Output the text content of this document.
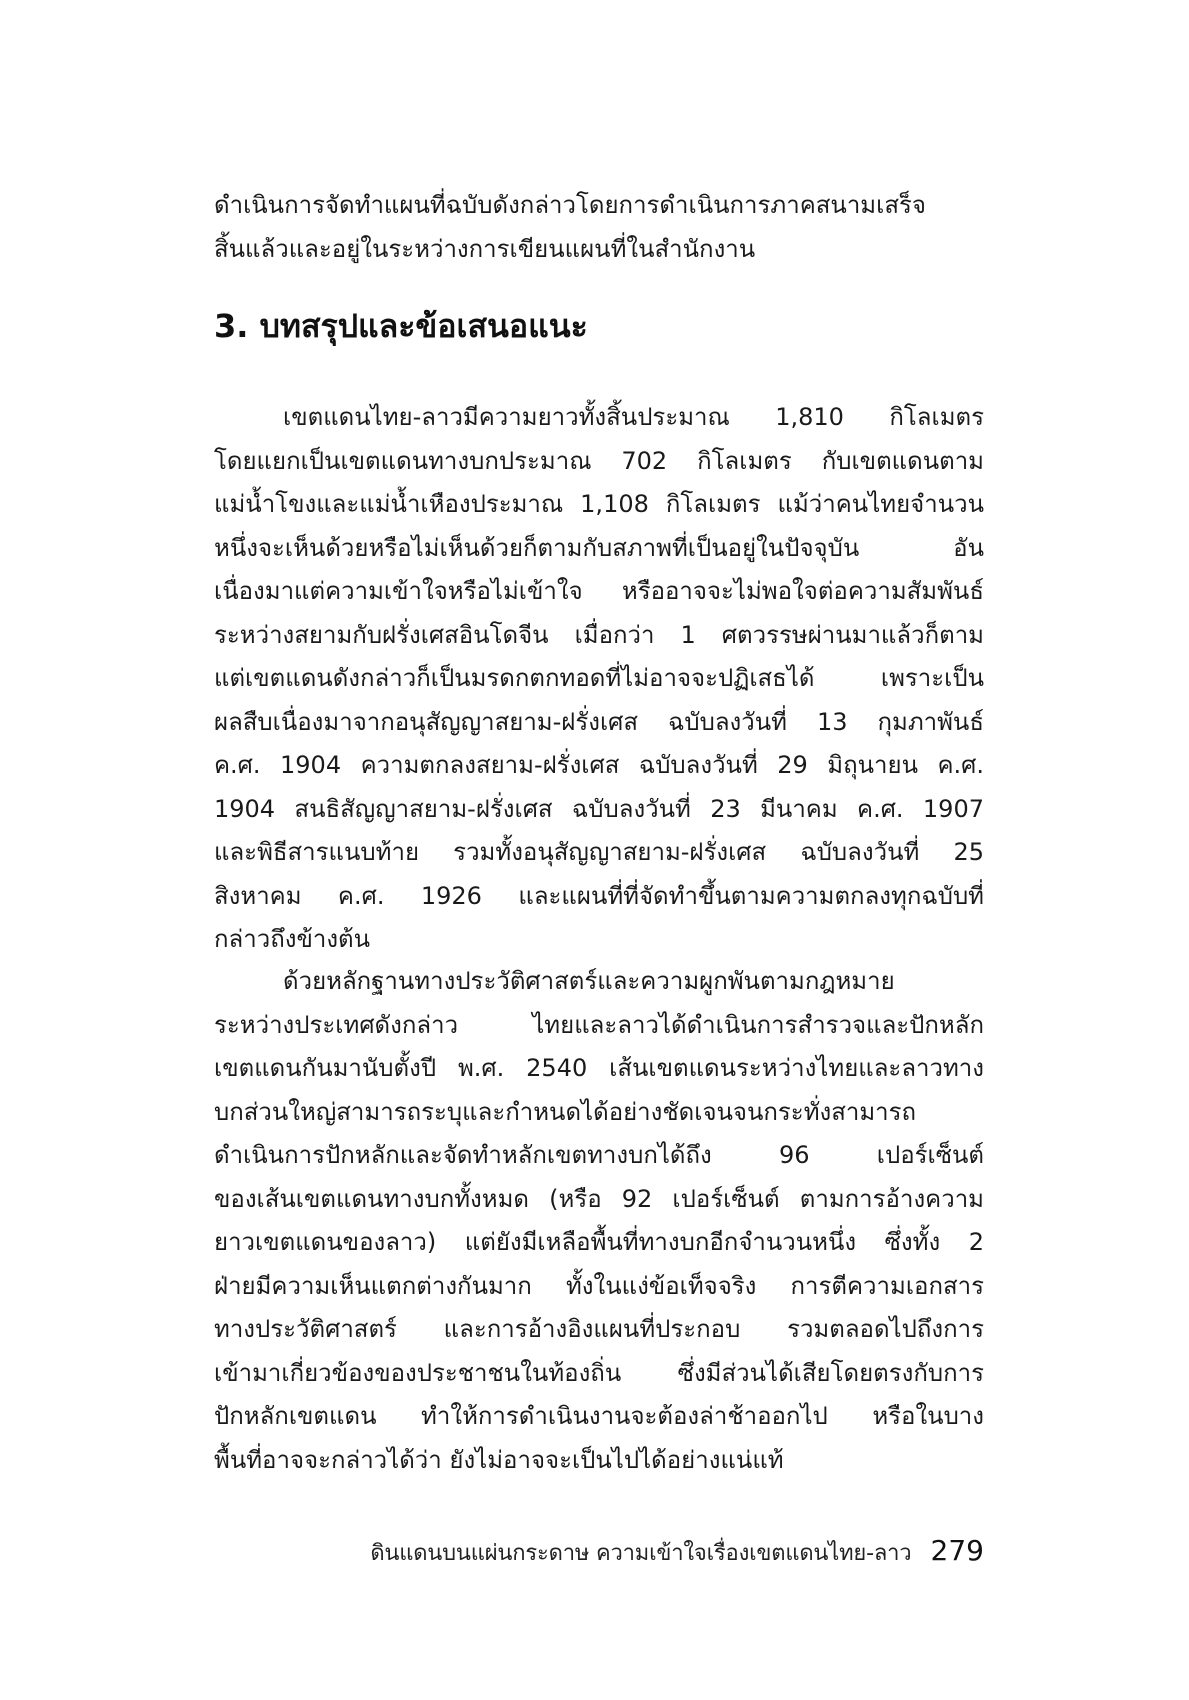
ดำเนินการจัดทำแผนที่ฉบับดังกล่าวโดยการดำเนินการภาคสนามเสร็จ
สิ้นแล้วและอยู่ในระหว่างการเขียนแผนที่ในสำนักงาน
3. บทสรุปและข้อเสนอแนะ
เขตแดนไทย-ลาวมีความยาวทั้งสิ้นประมาณ 1,810 กิโลเมตร
โดยแยกเป็นเขตแดนทางบกประมาณ 702 กิโลเมตร กับเขตแดนตาม
แม่น้ำโขงและแม่น้ำเหืองประมาณ 1,108 กิโลเมตร แม้ว่าคนไทยจำนวน
หนึ่งจะเห็นด้วยหรือไม่เห็นด้วยก็ตามกับสภาพที่เป็นอยู่ในปัจจุบัน อัน
เนื่องมาแต่ความเข้าใจหรือไม่เข้าใจ หรืออาจจะไม่พอใจต่อความสัมพันธ์
ระหว่างสยามกับฝรั่งเศสอินโดจีน เมื่อกว่า 1 ศตวรรษผ่านมาแล้วก็ตาม
แต่เขตแดนดังกล่าวก็เป็นมรดกตกทอดที่ไม่อาจจะปฏิเสธได้ เพราะเป็น
ผลสืบเนื่องมาจากอนุสัญญาสยาม-ฝรั่งเศส ฉบับลงวันที่ 13 กุมภาพันธ์
ค.ศ. 1904 ความตกลงสยาม-ฝรั่งเศส ฉบับลงวันที่ 29 มิถุนายน ค.ศ.
1904 สนธิสัญญาสยาม-ฝรั่งเศส ฉบับลงวันที่ 23 มีนาคม ค.ศ. 1907
และพิธีสารแนบท้าย รวมทั้งอนุสัญญาสยาม-ฝรั่งเศส ฉบับลงวันที่ 25
สิงหาคม ค.ศ. 1926 และแผนที่ที่จัดทำขึ้นตามความตกลงทุกฉบับที่
กล่าวถึงข้างต้น
ด้วยหลักฐานทางประวัติศาสตร์และความผูกพันตามกฎหมาย
ระหว่างประเทศดังกล่าว ไทยและลาวได้ดำเนินการสำรวจและปักหลัก
เขตแดนกันมานับตั้งปี พ.ศ. 2540 เส้นเขตแดนระหว่างไทยและลาวทาง
บกส่วนใหญ่สามารถระบุและกำหนดได้อย่างชัดเจนจนกระทั่งสามารถ
ดำเนินการปักหลักและจัดทำหลักเขตทางบกได้ถึง 96 เปอร์เซ็นต์
ของเส้นเขตแดนทางบกทั้งหมด (หรือ 92 เปอร์เซ็นต์ ตามการอ้างความ
ยาวเขตแดนของลาว) แต่ยังมีเหลือพื้นที่ทางบกอีกจำนวนหนึ่ง ซึ่งทั้ง 2
ฝ่ายมีความเห็นแตกต่างกันมาก ทั้งในแง่ข้อเท็จจริง การตีความเอกสาร
ทางประวัติศาสตร์ และการอ้างอิงแผนที่ประกอบ รวมตลอดไปถึงการ
เข้ามาเกี่ยวข้องของประชาชนในท้องถิ่น ซึ่งมีส่วนได้เสียโดยตรงกับการ
ปักหลักเขตแดน ทำให้การดำเนินงานจะต้องล่าช้าออกไป หรือในบาง
พื้นที่อาจจะกล่าวได้ว่า ยังไม่อาจจะเป็นไปได้อย่างแน่แท้
ดินแดนบนแผ่นกระดาษ ความเข้าใจเรื่องเขตแดนไทย-ลาว 279
